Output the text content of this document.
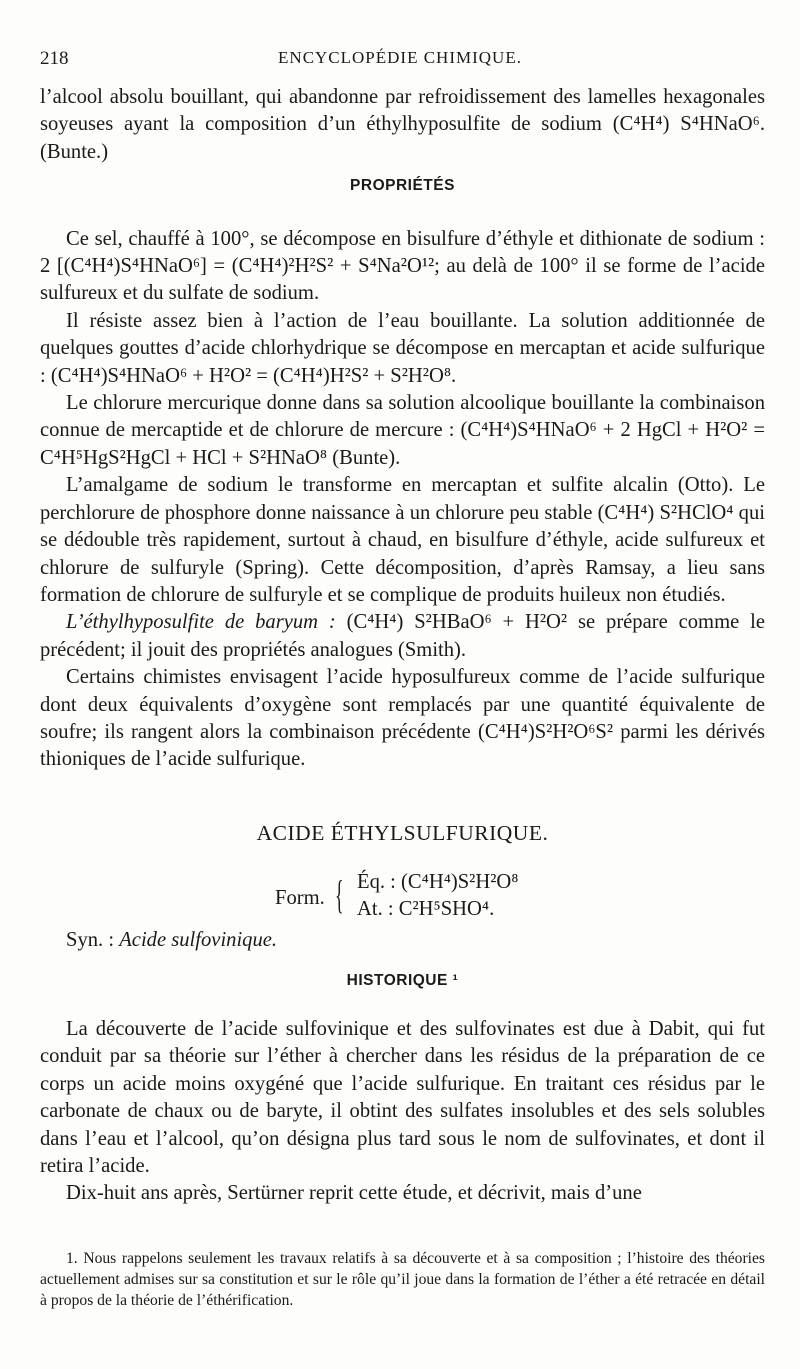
218	ENCYCLOPÉDIE CHIMIQUE.

l’alcool absolu bouillant, qui abandonne par refroidissement des lamelles hexagonales soyeuses ayant la composition d’un éthylhyposulfite de sodium (C⁴H⁴) S⁴HNaO⁶. (Bunte.)

PROPRIÉTÉS

Ce sel, chauffé à 100°, se décompose en bisulfure d’éthyle et dithionate de sodium : 2 [(C⁴H⁴)S⁴HNaO⁶] = (C⁴H⁴)²H²S² + S⁴Na²O¹²; au delà de 100° il se forme de l’acide sulfureux et du sulfate de sodium.

Il résiste assez bien à l’action de l’eau bouillante. La solution additionnée de quelques gouttes d’acide chlorhydrique se décompose en mercaptan et acide sulfurique : (C⁴H⁴)S⁴HNaO⁶ + H²O² = (C⁴H⁴)H²S² + S²H²O⁸.

Le chlorure mercurique donne dans sa solution alcoolique bouillante la combinaison connue de mercaptide et de chlorure de mercure : (C⁴H⁴)S⁴HNaO⁶ + 2 HgCl + H²O² = C⁴H⁵HgS²HgCl + HCl + S²HNaO⁸ (Bunte).

L’amalgame de sodium le transforme en mercaptan et sulfite alcalin (Otto). Le perchlorure de phosphore donne naissance à un chlorure peu stable (C⁴H⁴) S²HClO⁴ qui se dédouble très rapidement, surtout à chaud, en bisulfure d’éthyle, acide sulfureux et chlorure de sulfuryle (Spring). Cette décomposition, d’après Ramsay, a lieu sans formation de chlorure de sulfuryle et se complique de produits huileux non étudiés.

L’éthylhyposulfite de baryum : (C⁴H⁴) S²HBaO⁶ + H²O² se prépare comme le précédent; il jouit des propriétés analogues (Smith).

Certains chimistes envisagent l’acide hyposulfureux comme de l’acide sulfurique dont deux équivalents d’oxygène sont remplacés par une quantité équivalente de soufre; ils rangent alors la combinaison précédente (C⁴H⁴)S²H²O⁶S² parmi les dérivés thioniques de l’acide sulfurique.

ACIDE ÉTHYLSULFURIQUE.
Form. { Éq. : (C⁴H⁴)S²H²O⁸
At. : C²H⁵SHO⁴.

Syn. : Acide sulfovinique.

HISTORIQUE ¹

La découverte de l’acide sulfovinique et des sulfovinates est due à Dabit, qui fut conduit par sa théorie sur l’éther à chercher dans les résidus de la préparation de ce corps un acide moins oxygéné que l’acide sulfurique. En traitant ces résidus par le carbonate de chaux ou de baryte, il obtint des sulfates insolubles et des sels solubles dans l’eau et l’alcool, qu’on désigna plus tard sous le nom de sulfovinates, et dont il retira l’acide.

Dix-huit ans après, Sertürner reprit cette étude, et décrivit, mais d’une

1. Nous rappelons seulement les travaux relatifs à sa découverte et à sa composition ; l’histoire des théories actuellement admises sur sa constitution et sur le rôle qu’il joue dans la formation de l’éther a été retracée en détail à propos de la théorie de l’éthérification.
